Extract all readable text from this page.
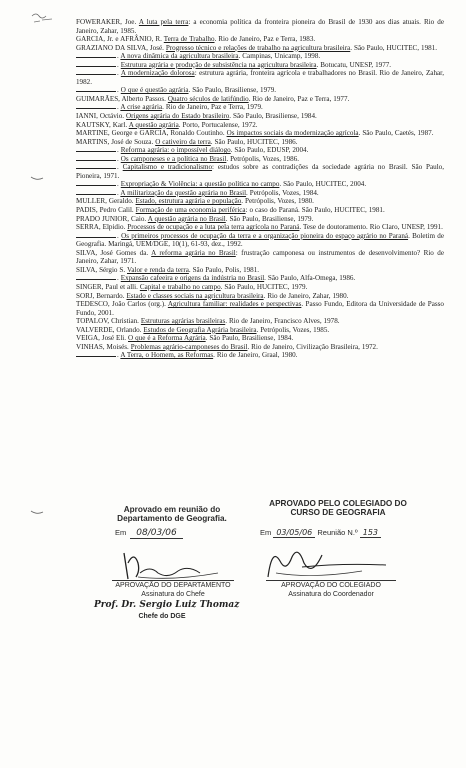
FOWERAKER, Joe. A luta pela terra: a economia política da fronteira pioneira do Brasil de 1930 aos dias atuais. Rio de Janeiro, Zahar, 1985.

GARCIA, Jr. e AFRÂNIO, R. Terra de Trabalho. Rio de Janeiro, Paz e Terra, 1983.

GRAZIANO DA SILVA, José. Progresso técnico e relações de trabalho na agricultura brasileira. São Paulo, HUCITEC, 1981.

. A nova dinâmica da agricultura brasileira. Campinas, Unicamp, 1998.

. Estrutura agrária e produção de subsistência na agricultura brasileira. Botucatu, UNESP, 1977.

. A modernização dolorosa: estrutura agrária, fronteira agrícola e trabalhadores no Brasil. Rio de Janeiro, Zahar, 1982.

. O que é questão agrária. São Paulo, Brasiliense, 1979.

GUIMARÃES, Alberto Passos. Quatro séculos de latifúndio. Rio de Janeiro, Paz e Terra, 1977.

. A crise agrária. Rio de Janeiro, Paz e Terra, 1979.

IANNI, Octávio. Origens agrária do Estado brasileiro. São Paulo, Brasiliense, 1984.

KAUTSKY, Karl. A questão agrária. Porto, Portucalense, 1972.

MARTINE, George e GARCIA, Ronaldo Coutinho. Os impactos sociais da modernização agrícola. São Paulo, Caetés, 1987.

MARTINS, José de Souza. O cativeiro da terra. São Paulo, HUCITEC, 1986.

. Reforma agrária: o impossível diálogo. São Paulo, EDUSP, 2004.

. Os camponeses e a política no Brasil. Petrópolis, Vozes, 1986.

. Capitalismo e tradicionalismo: estudos sobre as contradições da sociedade agrária no Brasil. São Paulo, Pioneira, 1971.

. Expropriação & Violência: a questão política no campo. São Paulo, HUCITEC, 2004.

. A militarização da questão agrária no Brasil. Petrópolis, Vozes, 1984.

MULLER, Geraldo. Estado, estrutura agrária e população. Petrópolis, Vozes, 1980.

PADIS, Pedro Calil. Formação de uma economia periférica: o caso do Paraná. São Paulo, HUCITEC, 1981.

PRADO JUNIOR, Caio. A questão agrária no Brasil. São Paulo, Brasiliense, 1979.

SERRA, Elpidio. Processos de ocupação e a luta pela terra agrícola no Paraná. Tese de doutoramento. Rio Claro, UNESP, 1991.

. Os primeiros processos de ocupação da terra e a organização pioneira do espaço agrário no Paraná. Boletim de Geografia. Maringá, UEM/DGE, 10(1), 61-93, dez., 1992.

SILVA, José Gomes da. A reforma agrária no Brasil: frustração camponesa ou instrumentos de desenvolvimento? Rio de Janeiro, Zahar, 1971.

SILVA, Sérgio S. Valor e renda da terra. São Paulo, Polis, 1981.

. Expansão cafeeira e origens da indústria no Brasil. São Paulo, Alfa-Omega, 1986.

SINGER, Paul et alli. Capital e trabalho no campo. São Paulo, HUCITEC, 1979.

SORJ, Bernardo. Estado e classes sociais na agricultura brasileira. Rio de Janeiro, Zahar, 1980.

TEDESCO, João Carlos (org.). Agricultura familiar: realidades e perspectivas. Passo Fundo, Editora da Universidade de Passo Fundo, 2001.

TOPALOV, Christian. Estruturas agrárias brasileiras. Rio de Janeiro, Francisco Alves, 1978.

VALVERDE, Orlando. Estudos de Geografia Agrária brasileira. Petrópolis, Vozes, 1985.

VEIGA, José Eli. O que é a Reforma Agrária. São Paulo, Brasiliense, 1984.

VINHAS, Moisés. Problemas agrário-camponeses do Brasil. Rio de Janeiro, Civilização Brasileira, 1972.

. A Terra, o Homem, as Reformas. Rio de Janeiro, Graal, 1980.

Aprovado em reunião do
Departamento de Geografia.
Em 08/03/06
APROVADO PELO COLEGIADO DO
CURSO DE GEOGRAFIA
Em 03/05/06 Reunião N.º 153
APROVAÇÃO DO DEPARTAMENTO
Assinatura do Chefe
Prof. Dr. Sergio Luiz Thomaz
Chefe do DGE
APROVAÇÃO DO COLEGIADO
Assinatura do Coordenador
